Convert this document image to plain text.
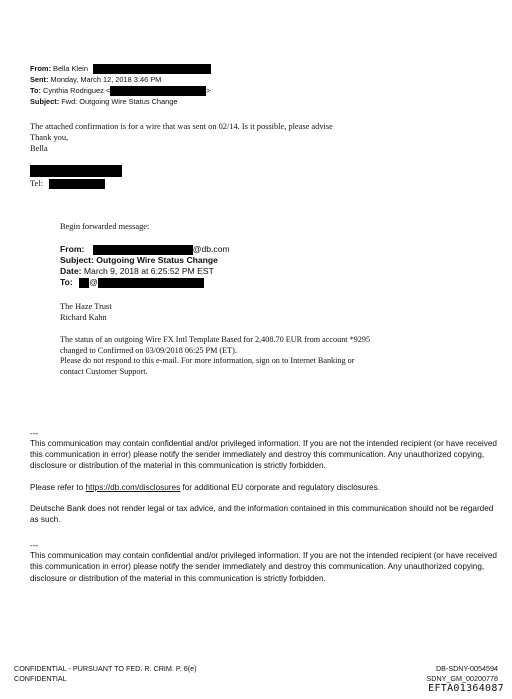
From: Bella Klein
Sent: Monday, March 12, 2018 3:46 PM
To: Cynthia Rodriguez <	>
Subject: Fwd: Outgoing Wire Status Change
The attached confirmation is for a wire that was sent on 02/14. Is it possible, please advise
Thank you,
Bella
Tel:
Begin forwarded message:
From:	@db.com
Subject: Outgoing Wire Status Change
Date: March 9, 2018 at 6:25:52 PM EST
To: @
The Haze Trust
Richard Kahn
The status of an outgoing Wire FX Intl Template Based for 2,408.70 EUR from account *9295
changed to Confirmed on 03/09/2018 06:25 PM (ET).
Please do not respond to this e-mail. For more information, sign on to Internet Banking or
contact Customer Support.

---

This communication may contain confidential and/or privileged information. If you are not the intended recipient (or have received this communication in error) please notify the sender immediately and destroy this communication. Any unauthorized copying, disclosure or distribution of the material in this communication is strictly forbidden.

Please refer to https://db.com/disclosures for additional EU corporate and regulatory disclosures.

Deutsche Bank does not render legal or tax advice, and the information contained in this communication should not be regarded as such.

---

This communication may contain confidential and/or privileged information. If you are not the intended recipient (or have received this communication in error) please notify the sender immediately and destroy this communication. Any unauthorized copying, disclosure or distribution of the material in this communication is strictly forbidden.

CONFIDENTIAL - PURSUANT TO FED. R. CRIM. P. 6(e)
CONFIDENTIAL
DB-SDNY-0054594
SDNY_GM_00200778
EFTA01364087
